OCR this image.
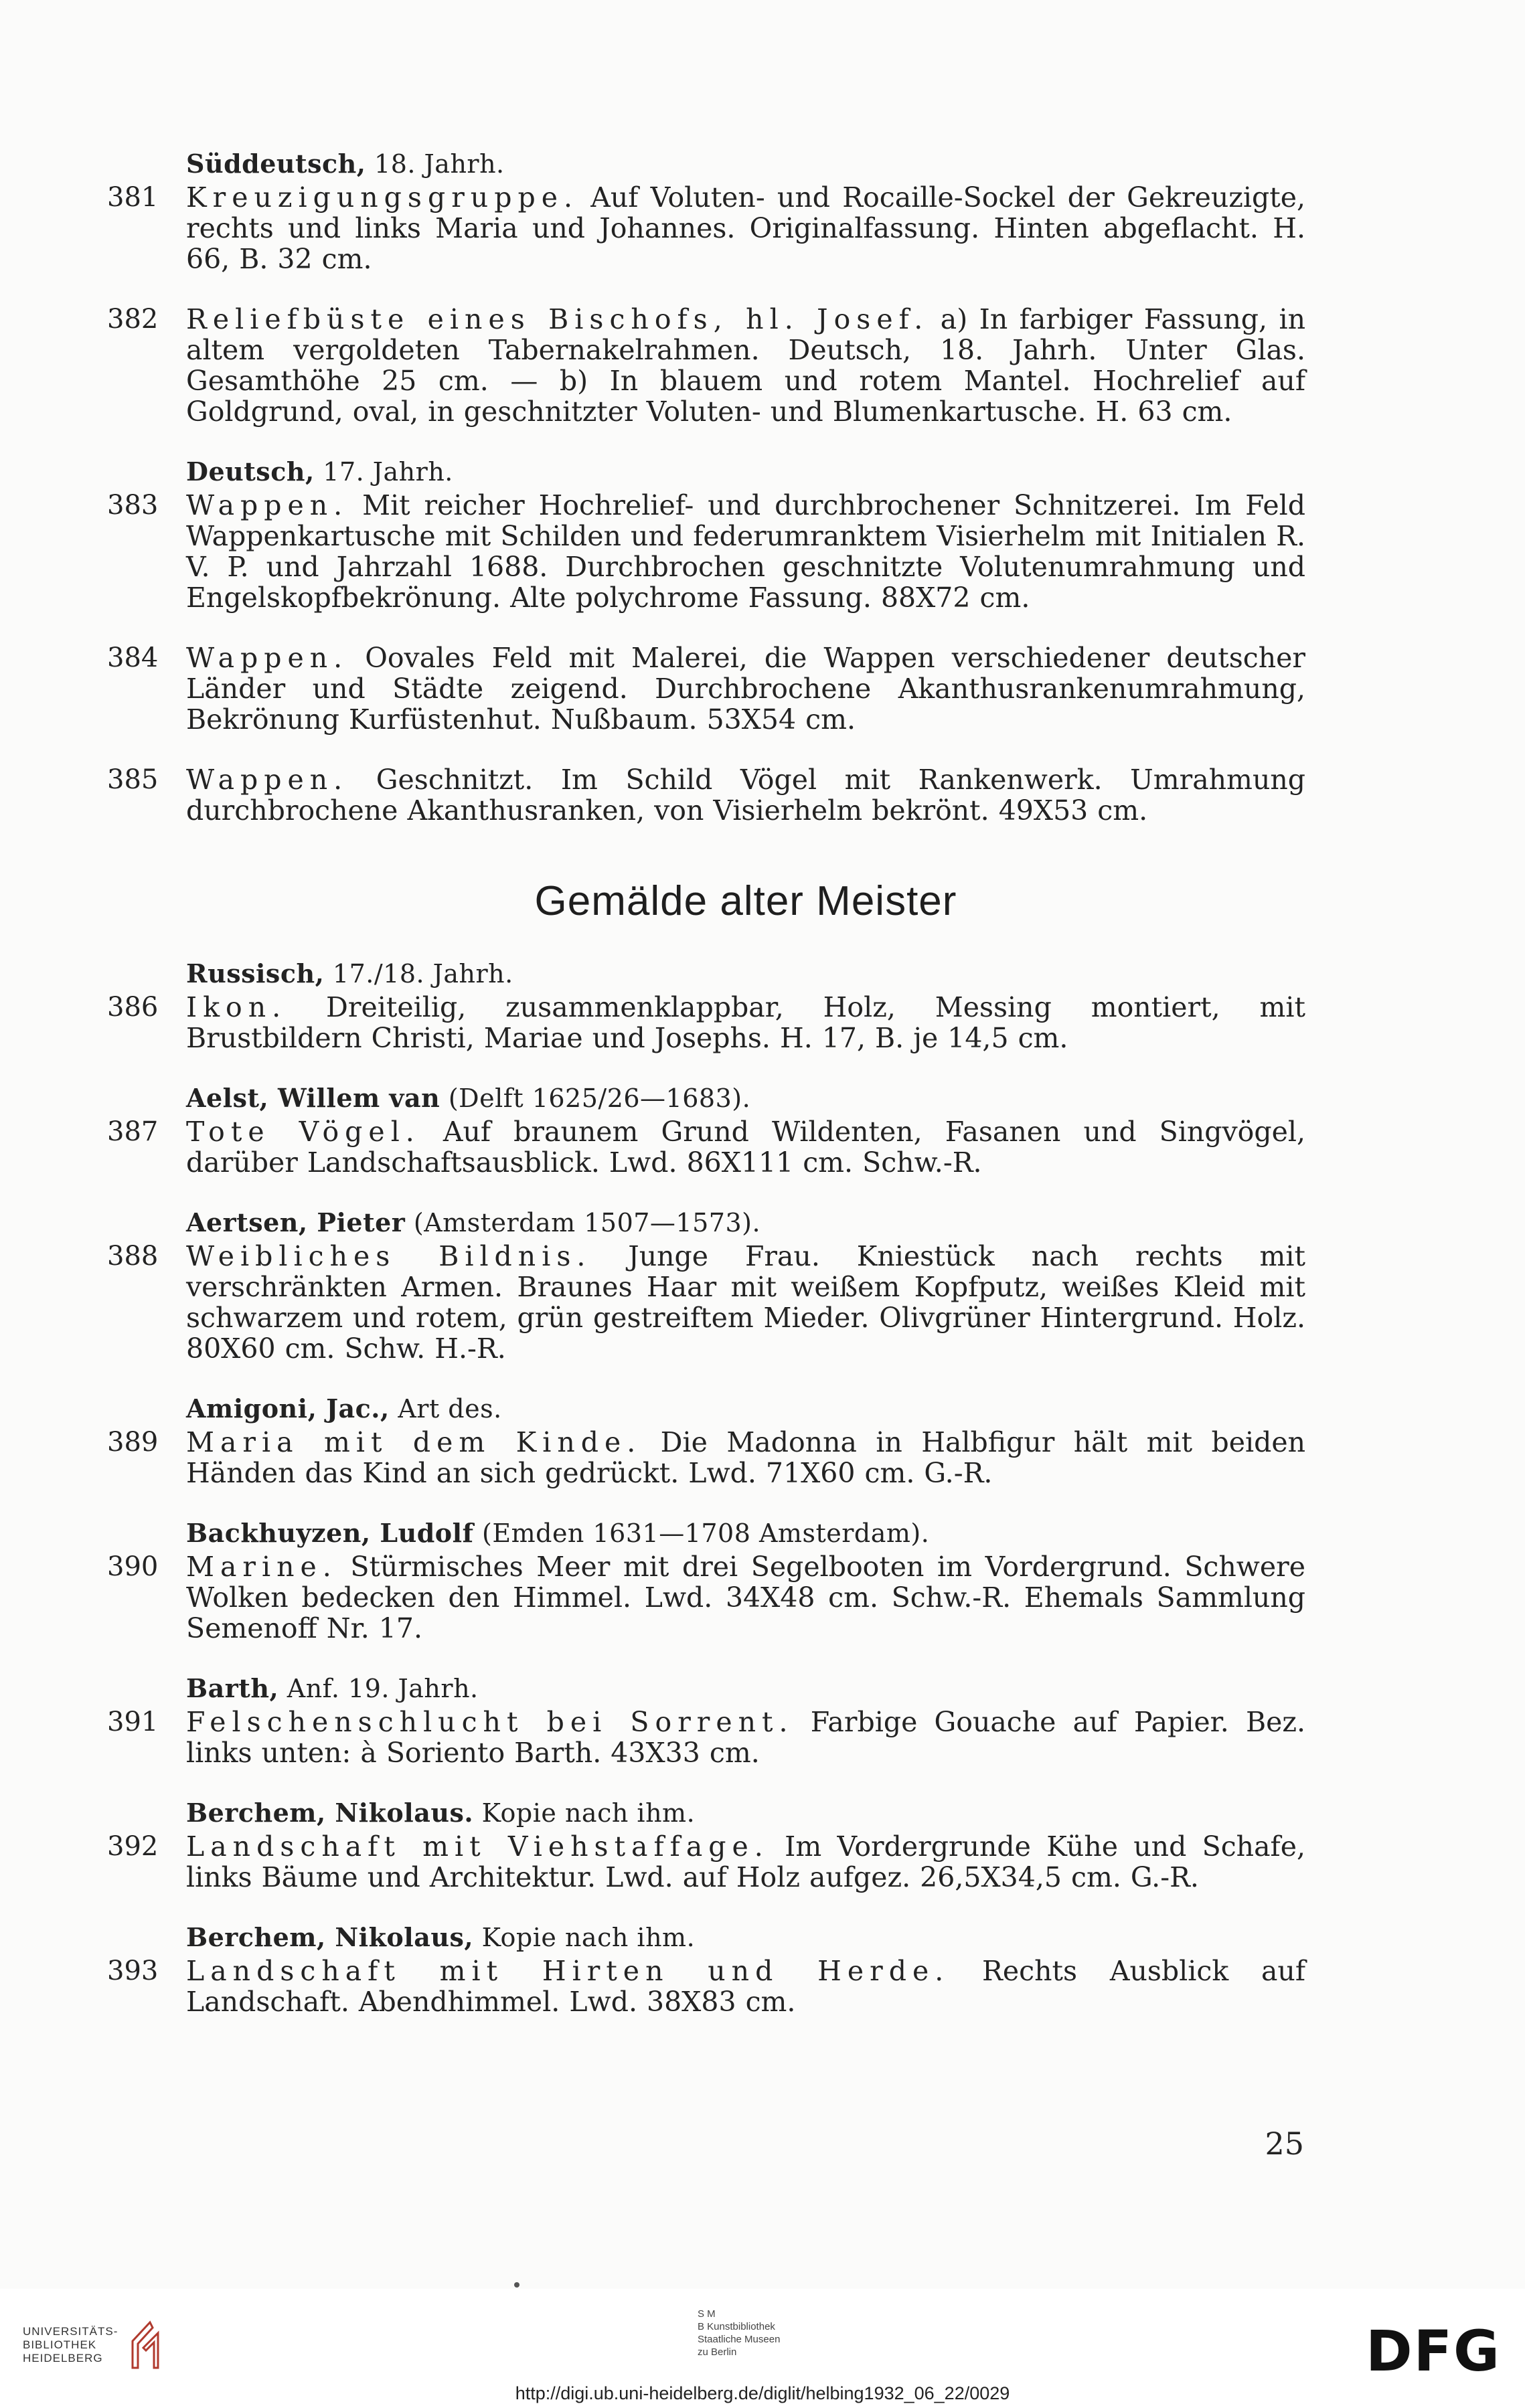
Süddeutsch, 18. Jahrh.
381	Kreuzigungsgruppe. Auf Voluten- und Rocaille-Sockel der Gekreuzigte, rechts und links Maria und Johannes. Originalfassung. Hinten abgeflacht. H. 66, B. 32 cm.
382	Reliefbüste eines Bischofs, hl. Josef. a) In farbiger Fassung, in altem vergoldeten Tabernakelrahmen. Deutsch, 18. Jahrh. Unter Glas. Gesamthöhe 25 cm. — b) In blauem und rotem Mantel. Hochrelief auf Goldgrund, oval, in geschnitzter Voluten- und Blumenkartusche. H. 63 cm.
Deutsch, 17. Jahrh.
383	Wappen. Mit reicher Hochrelief- und durchbrochener Schnitzerei. Im Feld Wappenkartusche mit Schilden und federumranktem Visierhelm mit Initialen R. V. P. und Jahrzahl 1688. Durchbrochen geschnitzte Volutenumrahmung und Engelskopfbekrönung. Alte polychrome Fassung. 88X72 cm.
384	Wappen. Oovales Feld mit Malerei, die Wappen verschiedener deutscher Länder und Städte zeigend. Durchbrochene Akanthusrankenumrahmung, Bekrönung Kurfüstenhut. Nußbaum. 53X54 cm.
385	Wappen. Geschnitzt. Im Schild Vögel mit Rankenwerk. Umrahmung durchbrochene Akanthusranken, von Visierhelm bekrönt. 49X53 cm.
Gemälde alter Meister
Russisch, 17./18. Jahrh.
386	Ikon. Dreiteilig, zusammenklappbar, Holz, Messing montiert, mit Brustbildern Christi, Mariae und Josephs. H. 17, B. je 14,5 cm.
Aelst, Willem van (Delft 1625/26—1683).
387	Tote Vögel. Auf braunem Grund Wildenten, Fasanen und Singvögel, darüber Landschaftsausblick. Lwd. 86X111 cm. Schw.-R.
Aertsen, Pieter (Amsterdam 1507—1573).
388	Weibliches Bildnis. Junge Frau. Kniestück nach rechts mit verschränkten Armen. Braunes Haar mit weißem Kopfputz, weißes Kleid mit schwarzem und rotem, grün gestreiftem Mieder. Olivgrüner Hintergrund. Holz. 80X60 cm. Schw. H.-R.
Amigoni, Jac., Art des.
389	Maria mit dem Kinde. Die Madonna in Halbfigur hält mit beiden Händen das Kind an sich gedrückt. Lwd. 71X60 cm. G.-R.
Backhuyzen, Ludolf (Emden 1631—1708 Amsterdam).
390	Marine. Stürmisches Meer mit drei Segelbooten im Vordergrund. Schwere Wolken bedecken den Himmel. Lwd. 34X48 cm. Schw.-R. Ehemals Sammlung Semenoff Nr. 17.
Barth, Anf. 19. Jahrh.
391	Felschenschlucht bei Sorrent. Farbige Gouache auf Papier. Bez. links unten: à Soriento Barth. 43X33 cm.
Berchem, Nikolaus. Kopie nach ihm.
392	Landschaft mit Viehstaffage. Im Vordergrunde Kühe und Schafe, links Bäume und Architektur. Lwd. auf Holz aufgez. 26,5X34,5 cm. G.-R.
Berchem, Nikolaus, Kopie nach ihm.
393	Landschaft mit Hirten und Herde. Rechts Ausblick auf Landschaft. Abendhimmel. Lwd. 38X83 cm.
25
UNIVERSITÄTS-
BIBLIOTHEK
HEIDELBERG
S M
B Kunstbibliothek
Staatliche Museen
zu Berlin	DFG
http://digi.ub.uni-heidelberg.de/diglit/helbing1932_06_22/0029
